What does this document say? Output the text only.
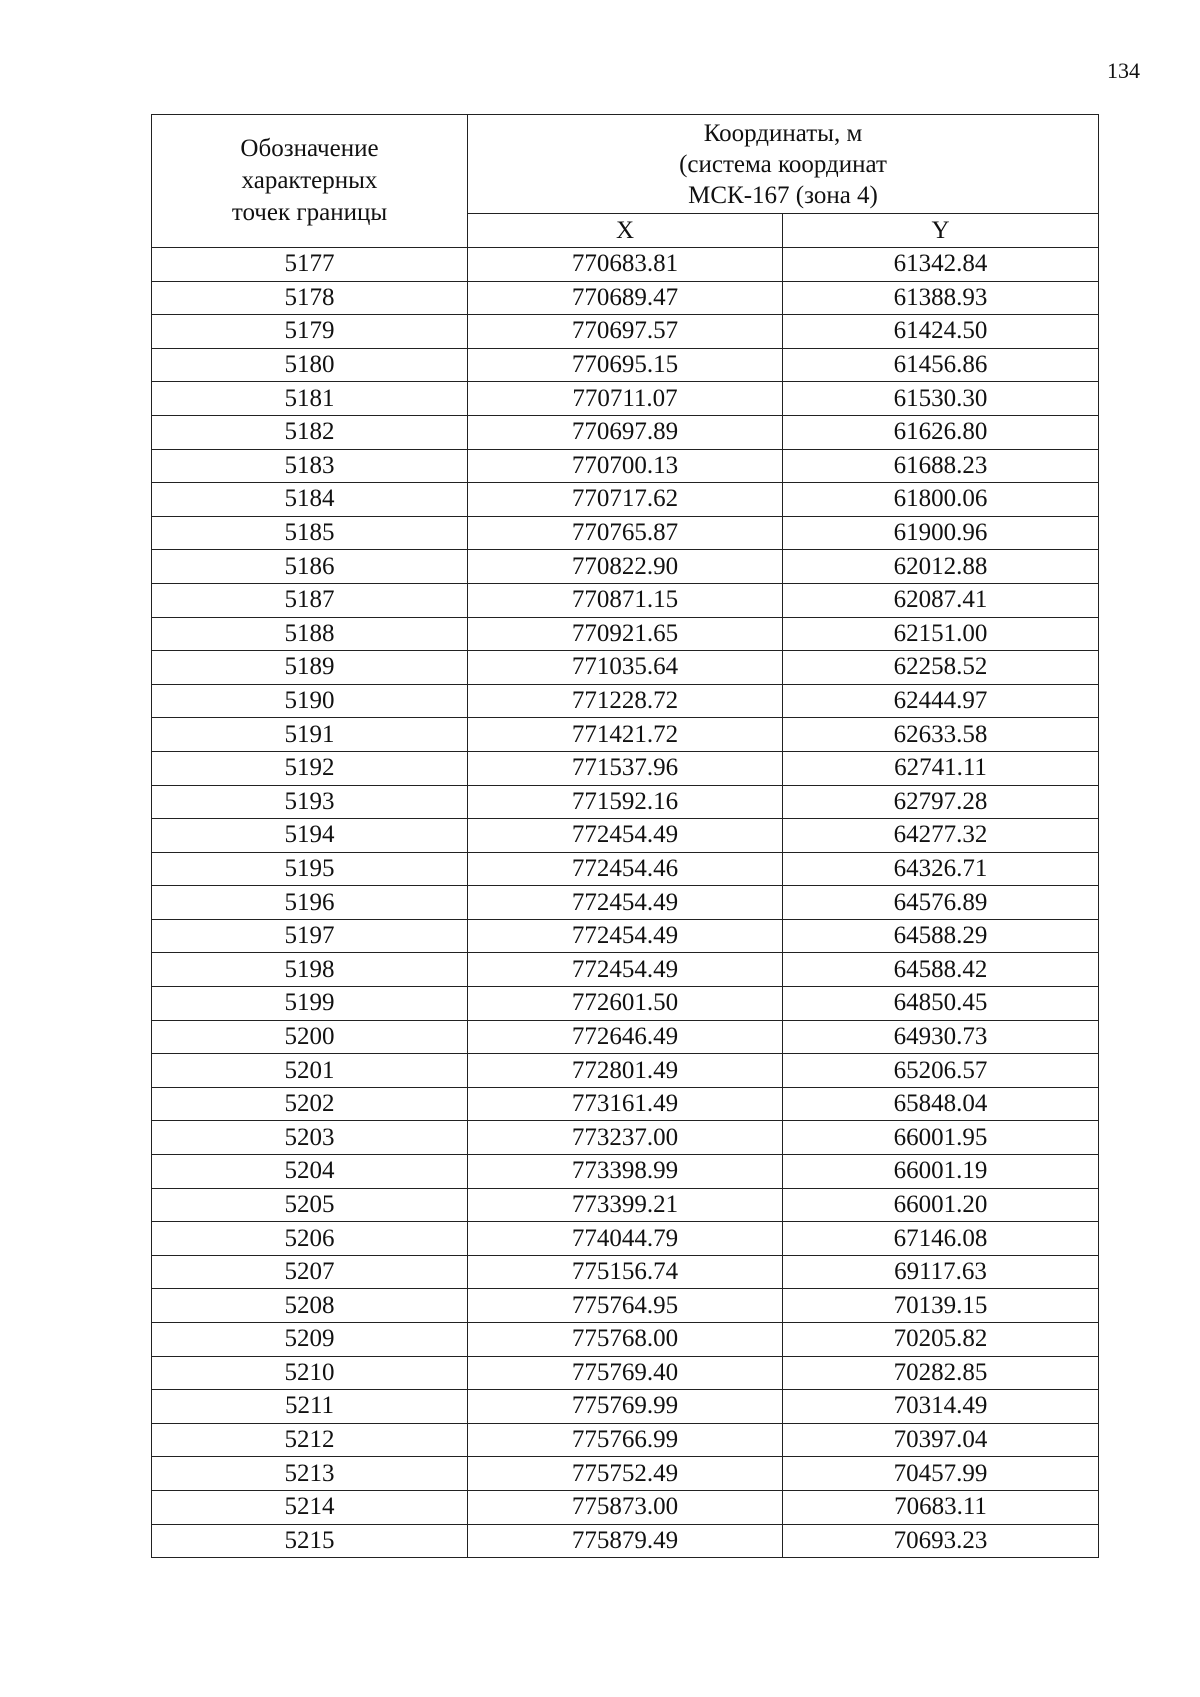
134
Обозначение
характерных
точек границы	Координаты, м
(система координат
МСК-167 (зона 4)	
	X	Y
5177	770683.81	61342.84
5178	770689.47	61388.93
5179	770697.57	61424.50
5180	770695.15	61456.86
5181	770711.07	61530.30
5182	770697.89	61626.80
5183	770700.13	61688.23
5184	770717.62	61800.06
5185	770765.87	61900.96
5186	770822.90	62012.88
5187	770871.15	62087.41
5188	770921.65	62151.00
5189	771035.64	62258.52
5190	771228.72	62444.97
5191	771421.72	62633.58
5192	771537.96	62741.11
5193	771592.16	62797.28
5194	772454.49	64277.32
5195	772454.46	64326.71
5196	772454.49	64576.89
5197	772454.49	64588.29
5198	772454.49	64588.42
5199	772601.50	64850.45
5200	772646.49	64930.73
5201	772801.49	65206.57
5202	773161.49	65848.04
5203	773237.00	66001.95
5204	773398.99	66001.19
5205	773399.21	66001.20
5206	774044.79	67146.08
5207	775156.74	69117.63
5208	775764.95	70139.15
5209	775768.00	70205.82
5210	775769.40	70282.85
5211	775769.99	70314.49
5212	775766.99	70397.04
5213	775752.49	70457.99
5214	775873.00	70683.11
5215	775879.49	70693.23
